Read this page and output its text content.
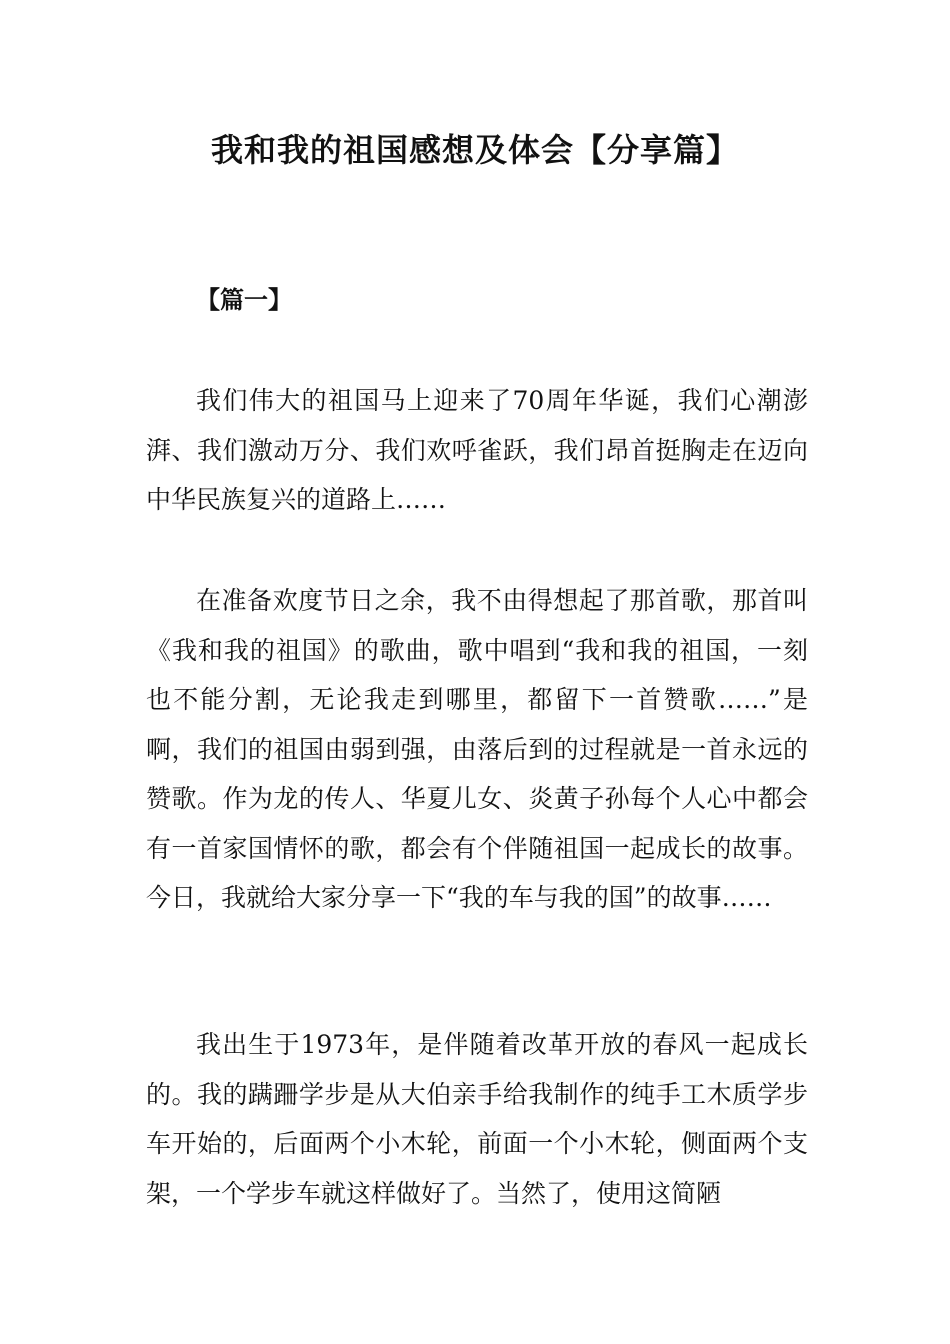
我和我的祖国感想及体会【分享篇】
【篇一】

我们伟大的祖国马上迎来了70周年华诞，我们心潮澎湃、我们激动万分、我们欢呼雀跃，我们昂首挺胸走在迈向中华民族复兴的道路上……

在准备欢度节日之余，我不由得想起了那首歌，那首叫《我和我的祖国》的歌曲，歌中唱到“我和我的祖国，一刻也不能分割，无论我走到哪里，都留下一首赞歌……”是啊，我们的祖国由弱到强，由落后到的过程就是一首永远的赞歌。作为龙的传人、华夏儿女、炎黄子孙每个人心中都会有一首家国情怀的歌，都会有个伴随祖国一起成长的故事。今日，我就给大家分享一下“我的车与我的国”的故事……

我出生于1973年，是伴随着改革开放的春风一起成长的。我的蹒跚学步是从大伯亲手给我制作的纯手工木质学步车开始的，后面两个小木轮，前面一个小木轮，侧面两个支架，一个学步车就这样做好了。当然了，使用这简陋
